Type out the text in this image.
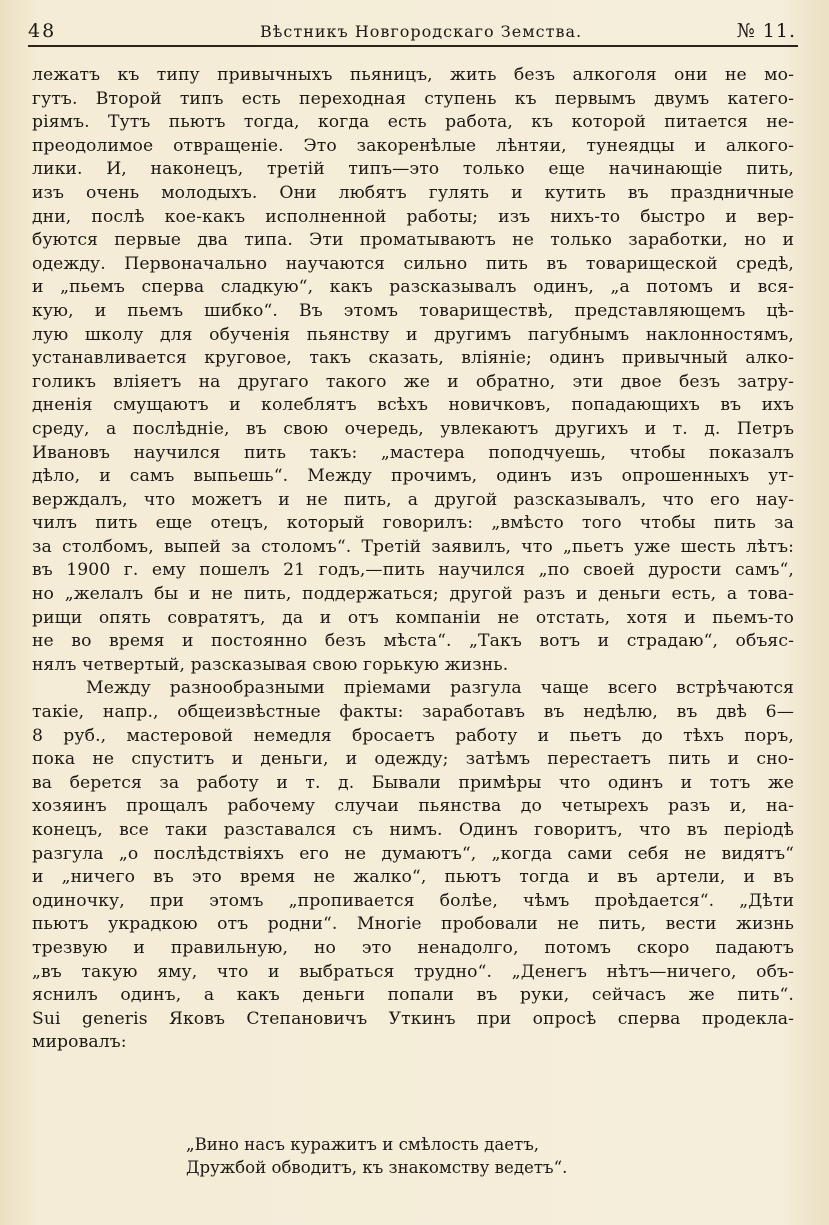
48	Вѣстникъ Новгородскаго Земства.	№ 11.
лежатъ къ типу привычныхъ пьяницъ, жить безъ алкоголя они не мо-
гутъ. Второй типъ есть переходная ступень къ первымъ двумъ катего-
ріямъ. Тутъ пьютъ тогда, когда есть работа, къ которой питается не-
преодолимое отвращеніе. Это закоренѣлые лѣнтяи, тунеядцы и алкого-
лики. И, наконецъ, третій типъ—это только еще начинающіе пить,
изъ очень молодыхъ. Они любятъ гулять и кутить въ праздничные
дни, послѣ кое-какъ исполненной работы; изъ нихъ-то быстро и вер-
буются первые два типа. Эти проматываютъ не только заработки, но и
одежду. Первоначально научаются сильно пить въ товарищеской средѣ,
и „пьемъ сперва сладкую“, какъ разсказывалъ одинъ, „а потомъ и вся-
кую, и пьемъ шибко“. Въ этомъ товариществѣ, представляющемъ цѣ-
лую школу для обученія пьянству и другимъ пагубнымъ наклонностямъ,
устанавливается круговое, такъ сказать, вліяніе; одинъ привычный алко-
голикъ вліяетъ на другаго такого же и обратно, эти двое безъ затру-
дненія смущаютъ и колеблятъ всѣхъ новичковъ, попадающихъ въ ихъ
среду, а послѣдніе, въ свою очередь, увлекаютъ другихъ и т. д. Петръ
Ивановъ научился пить такъ: „мастера поподчуешь, чтобы показалъ
дѣло, и самъ выпьешь“. Между прочимъ, одинъ изъ опрошенныхъ ут-
верждалъ, что можетъ и не пить, а другой разсказывалъ, что его нау-
чилъ пить еще отецъ, который говорилъ: „вмѣсто того чтобы пить за
за столбомъ, выпей за столомъ“. Третій заявилъ, что „пьетъ уже шесть лѣтъ:
въ 1900 г. ему пошелъ 21 годъ,—пить научился „по своей дурости самъ“,
но „желалъ бы и не пить, поддержаться; другой разъ и деньги есть, а това-
рищи опять совратятъ, да и отъ компаніи не отстать, хотя и пьемъ-то
не во время и постоянно безъ мѣста“. „Такъ вотъ и страдаю“, объяс-
нялъ четвертый, разсказывая свою горькую жизнь.
Между разнообразными пріемами разгула чаще всего встрѣчаются
такіе, напр., общеизвѣстные факты: заработавъ въ недѣлю, въ двѣ 6—
8 руб., мастеровой немедля бросаетъ работу и пьетъ до тѣхъ поръ,
пока не спуститъ и деньги, и одежду; затѣмъ перестаетъ пить и сно-
ва берется за работу и т. д. Бывали примѣры что одинъ и тотъ же
хозяинъ прощалъ рабочему случаи пьянства до четырехъ разъ и, на-
конецъ, все таки разставался съ нимъ. Одинъ говоритъ, что въ періодѣ
разгула „о послѣдствіяхъ его не думаютъ“, „когда сами себя не видятъ“
и „ничего въ это время не жалко“, пьютъ тогда и въ артели, и въ
одиночку, при этомъ „пропивается болѣе, чѣмъ проѣдается“. „Дѣти
пьютъ украдкою отъ родни“. Многіе пробовали не пить, вести жизнь
трезвую и правильную, но это ненадолго, потомъ скоро падаютъ
„въ такую яму, что и выбраться трудно“. „Денегъ нѣтъ—ничего, объ-
яснилъ одинъ, а какъ деньги попали въ руки, сейчасъ же пить“.
Sui generis Яковъ Степановичъ Уткинъ при опросѣ сперва продекла-
мировалъ:
„Вино насъ куражитъ и смѣлость даетъ,
Дружбой обводитъ, къ знакомству ведетъ“.
